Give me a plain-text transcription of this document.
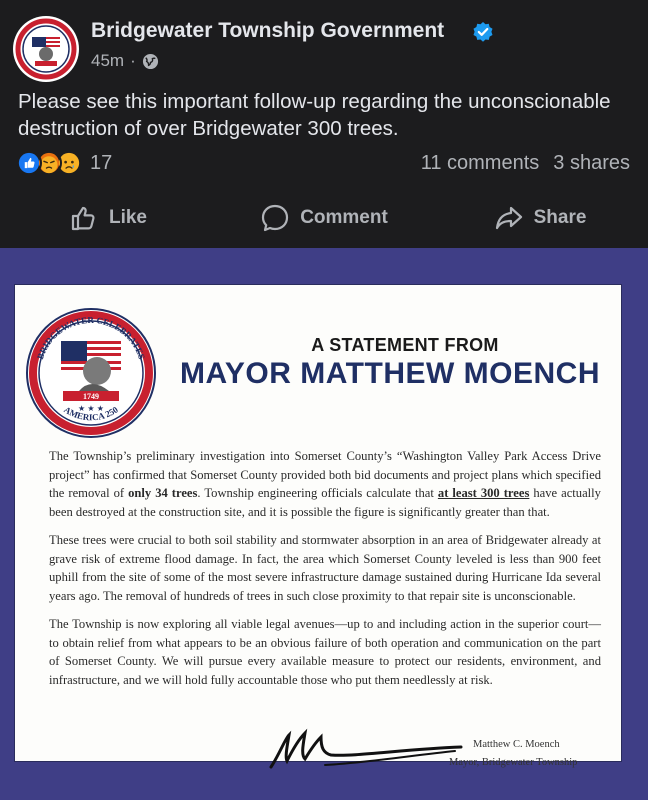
Bridgewater Township Government
45m ·
Please see this important follow-up regarding the unconscionable destruction of over Bridgewater 300 trees.
17	11 comments 3 shares
Like	Comment	Share
BRIDGEWATER CELEBRATES
1749
★ ★ ★
AMERICA 250
A STATEMENT FROM
MAYOR MATTHEW MOENCH

The Township’s preliminary investigation into Somerset County’s “Washington Valley Park Access Drive project” has confirmed that Somerset County provided both bid documents and project plans which specified the removal of only 34 trees. Township engineering officials calculate that at least 300 trees have actually been destroyed at the construction site, and it is possible the figure is significantly greater than that.

These trees were crucial to both soil stability and stormwater absorption in an area of Bridgewater already at grave risk of extreme flood damage. In fact, the area which Somerset County leveled is less than 900 feet uphill from the site of some of the most severe infrastructure damage sustained during Hurricane Ida several years ago. The removal of hundreds of trees in such close proximity to that repair site is unconscionable.

The Township is now exploring all viable legal avenues—up to and including action in the superior court—to obtain relief from what appears to be an obvious failure of both operation and communication on the part of Somerset County. We will pursue every available measure to protect our residents, environment, and infrastructure, and we will hold fully accountable those who put them needlessly at risk.

Matthew C. Moench
Mayor, Bridgewater Township
